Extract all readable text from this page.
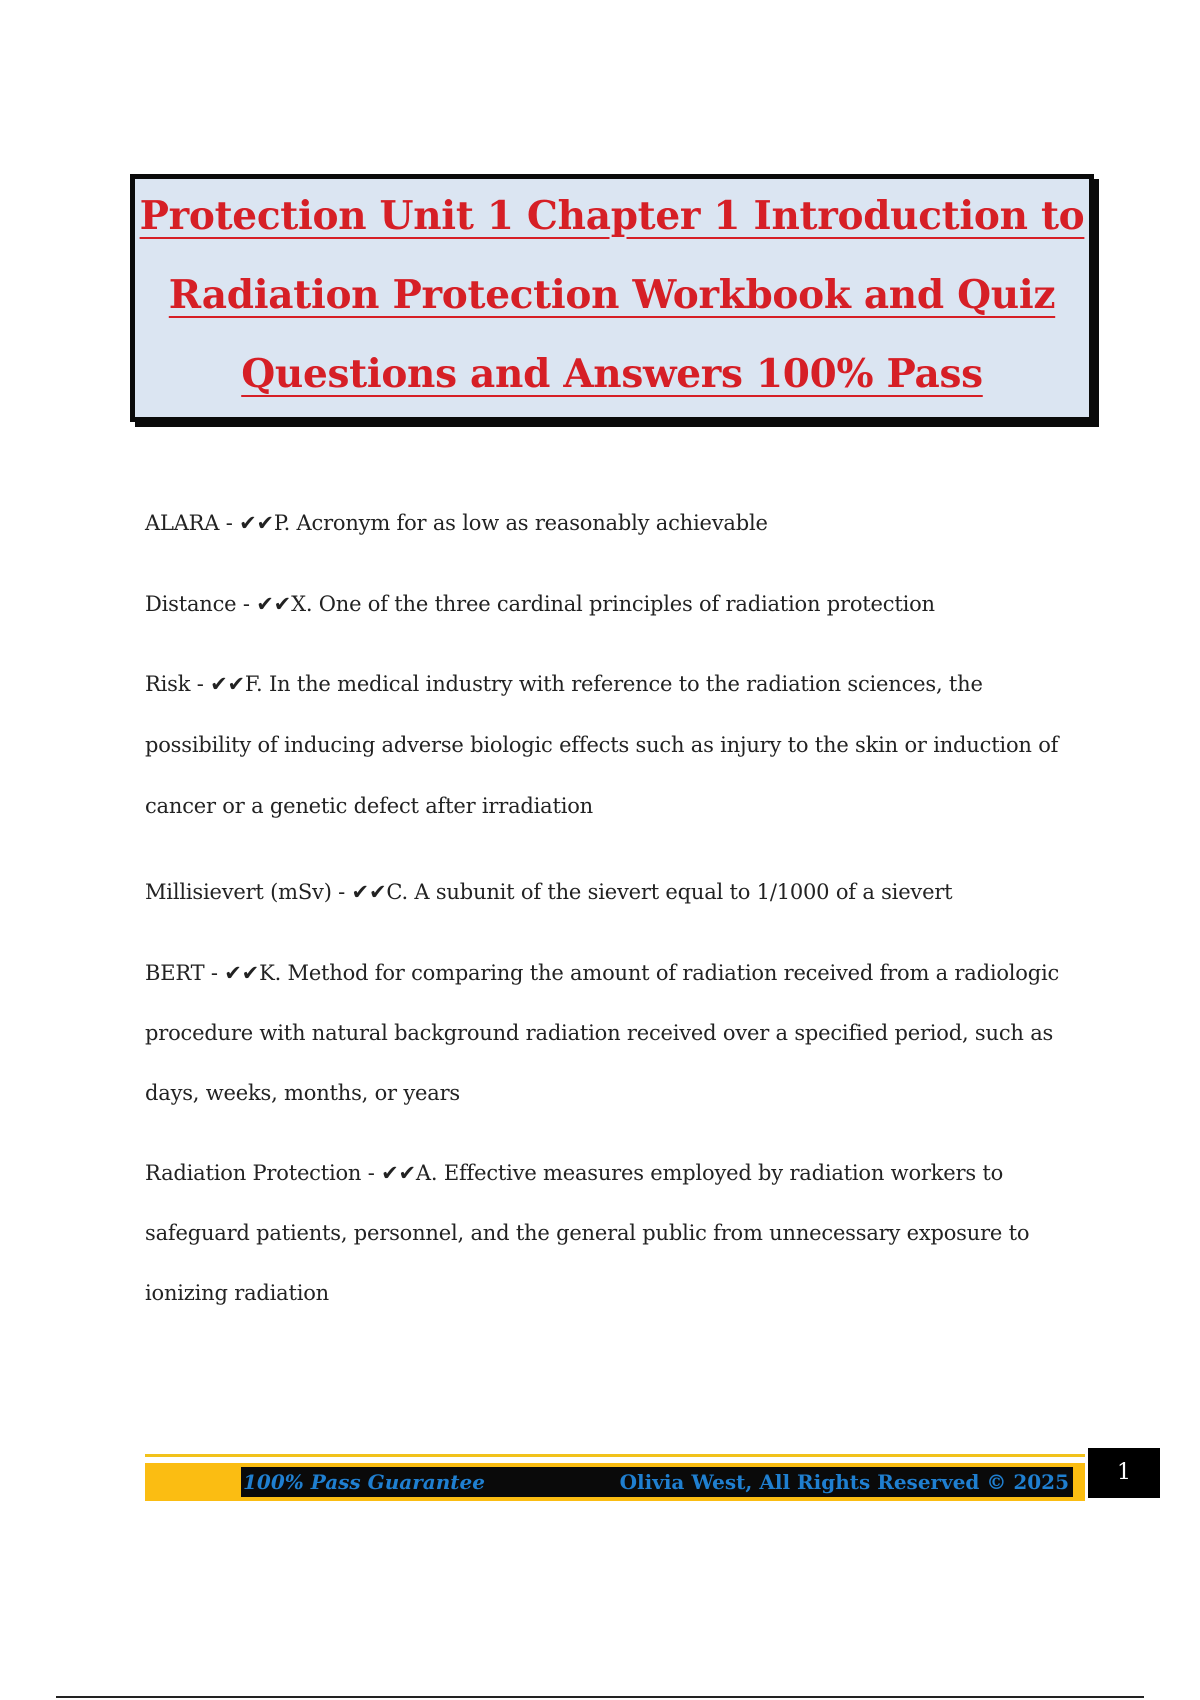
Protection Unit 1 Chapter 1 Introduction to
Radiation Protection Workbook and Quiz
Questions and Answers 100% Pass
ALARA - ✔✔P. Acronym for as low as reasonably achievable
Distance - ✔✔X. One of the three cardinal principles of radiation protection
Risk - ✔✔F. In the medical industry with reference to the radiation sciences, the possibility of inducing adverse biologic effects such as injury to the skin or induction of cancer or a genetic defect after irradiation
Millisievert (mSv) - ✔✔C. A subunit of the sievert equal to 1/1000 of a sievert
BERT - ✔✔K. Method for comparing the amount of radiation received from a radiologic procedure with natural background radiation received over a specified period, such as days, weeks, months, or years
Radiation Protection - ✔✔A. Effective measures employed by radiation workers to safeguard patients, personnel, and the general public from unnecessary exposure to ionizing radiation
100% Pass Guarantee	Olivia West, All Rights Reserved © 2025	1
